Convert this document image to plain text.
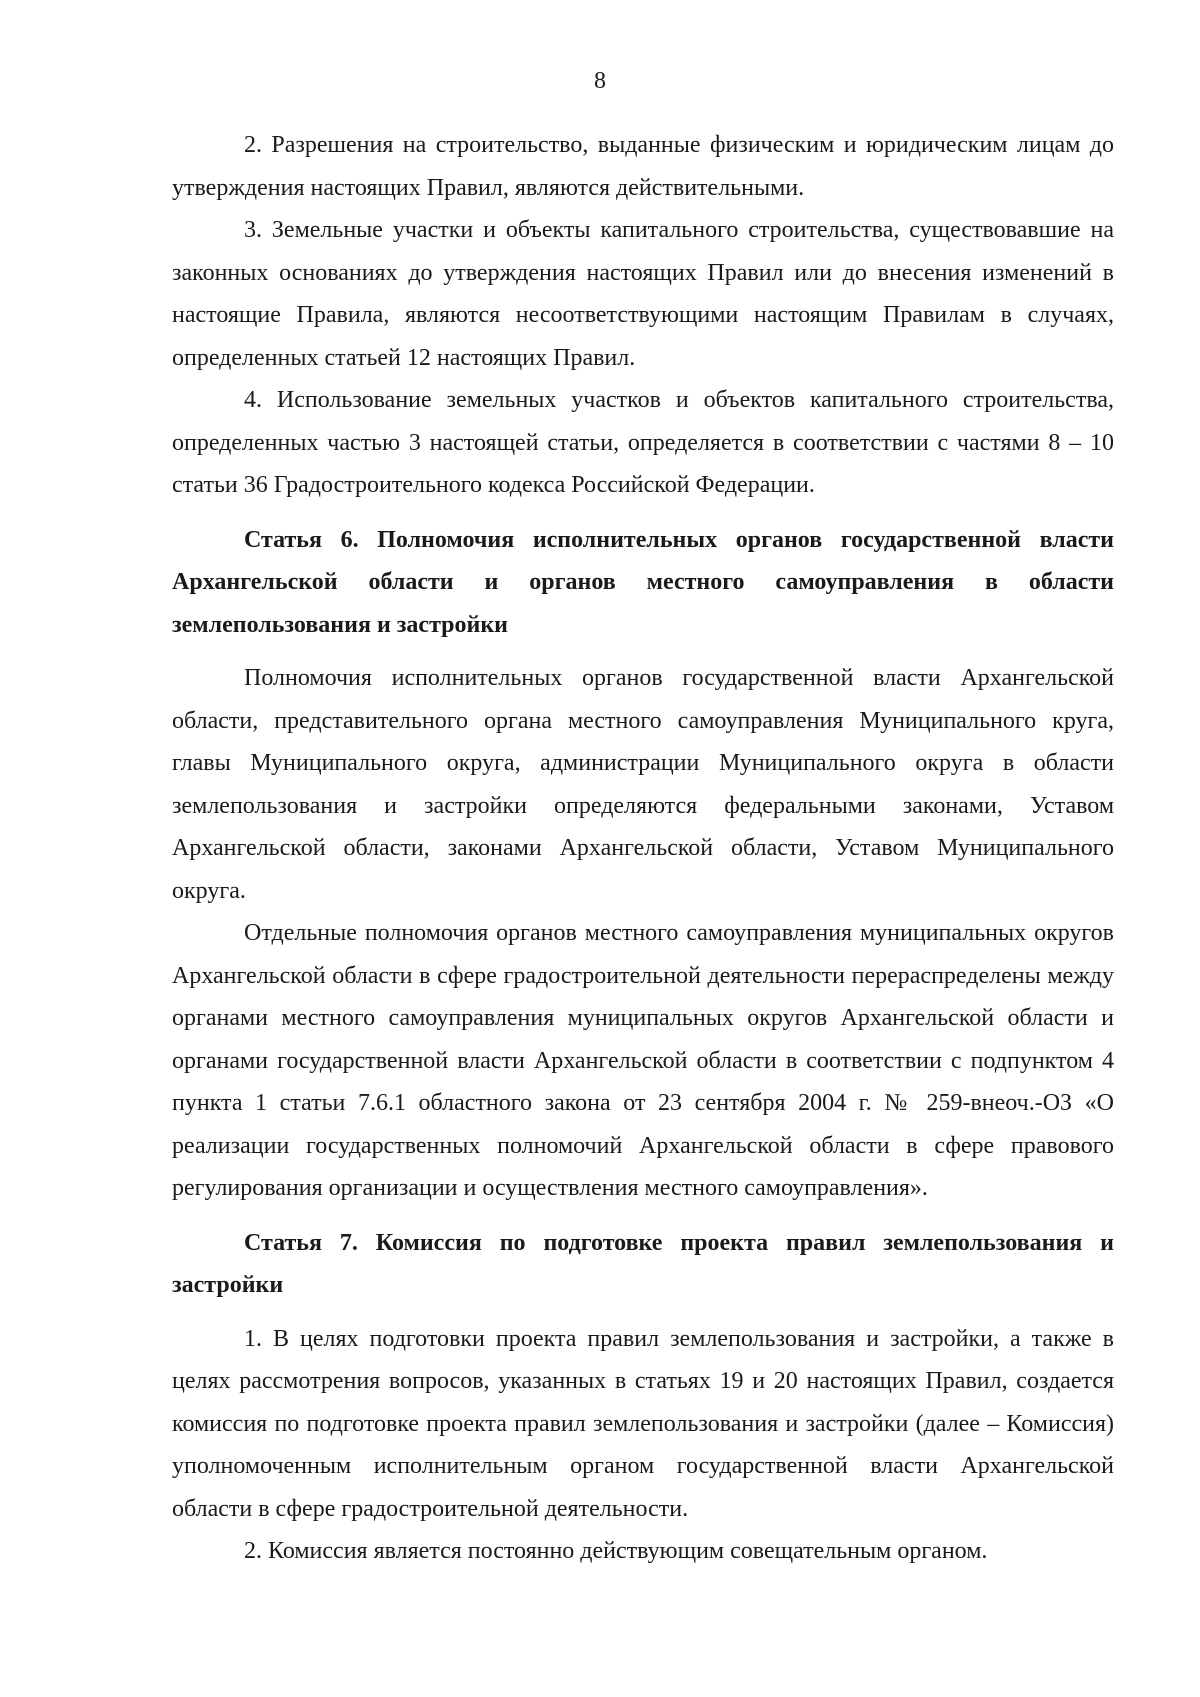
8

2. Разрешения на строительство, выданные физическим и юридическим лицам до утверждения настоящих Правил, являются действительными.

3. Земельные участки и объекты капитального строительства, существовавшие на законных основаниях до утверждения настоящих Правил или до внесения изменений в настоящие Правила, являются несоответствующими настоящим Правилам в случаях, определенных статьей 12 настоящих Правил.

4. Использование земельных участков и объектов капитального строительства, определенных частью 3 настоящей статьи, определяется в соответствии с частями 8 – 10 статьи 36 Градостроительного кодекса Российской Федерации.

Статья 6. Полномочия исполнительных органов государственной власти Архангельской области и органов местного самоуправления в области землепользования и застройки

Полномочия исполнительных органов государственной власти Архангельской области, представительного органа местного самоуправления Муниципального круга, главы Муниципального округа, администрации Муниципального округа в области землепользования и застройки определяются федеральными законами, Уставом Архангельской области, законами Архангельской области, Уставом Муниципального округа.

Отдельные полномочия органов местного самоуправления муниципальных округов Архангельской области в сфере градостроительной деятельности перераспределены между органами местного самоуправления муниципальных округов Архангельской области и органами государственной власти Архангельской области в соответствии с подпунктом 4 пункта 1 статьи 7.6.1 областного закона от 23 сентября 2004 г. № 259-внеоч.-ОЗ «О реализации государственных полномочий Архангельской области в сфере правового регулирования организации и осуществления местного самоуправления».

Статья 7. Комиссия по подготовке проекта правил землепользования и застройки

1. В целях подготовки проекта правил землепользования и застройки, а также в целях рассмотрения вопросов, указанных в статьях 19 и 20 настоящих Правил, создается комиссия по подготовке проекта правил землепользования и застройки (далее – Комиссия) уполномоченным исполнительным органом государственной власти Архангельской области в сфере градостроительной деятельности.

2. Комиссия является постоянно действующим совещательным органом.
